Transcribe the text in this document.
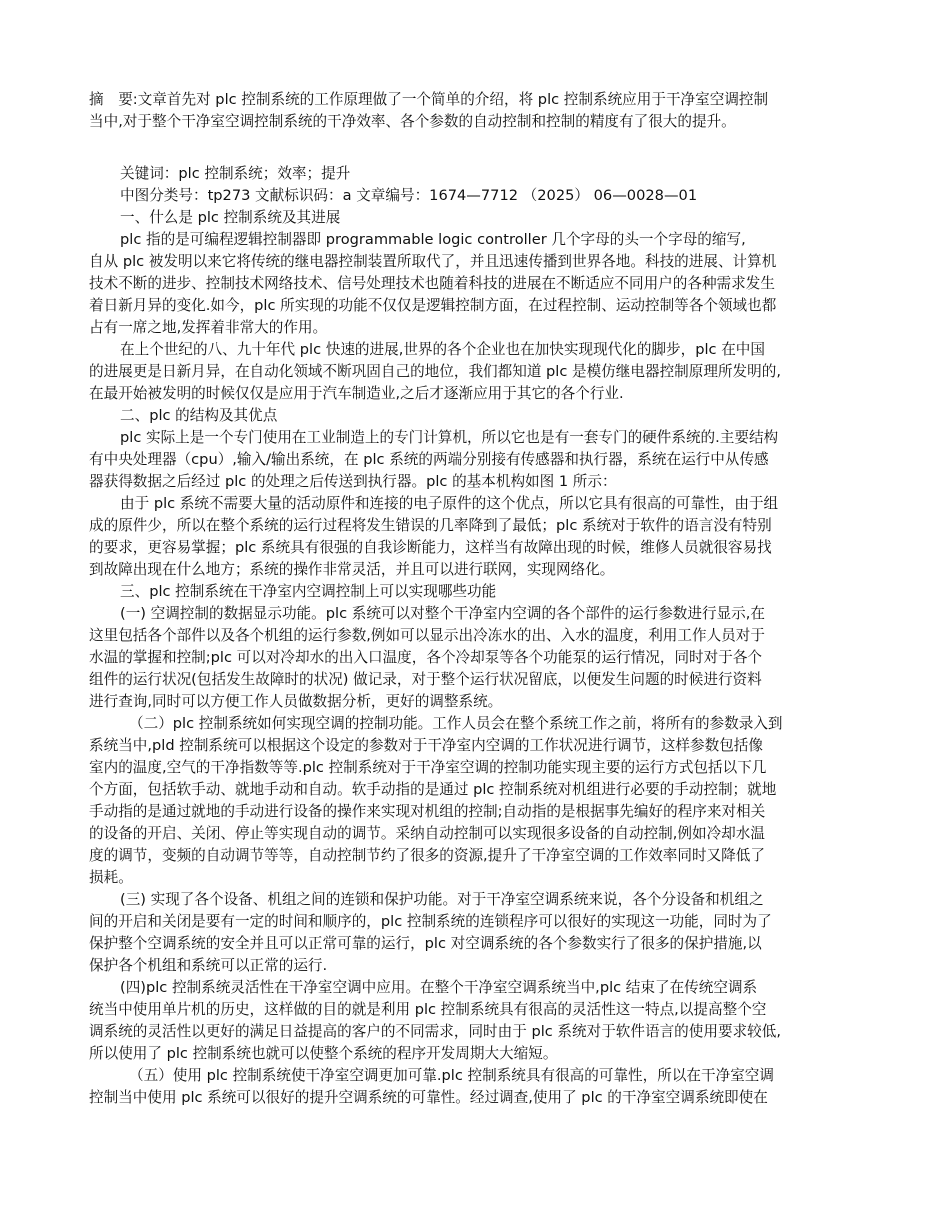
摘　要:文章首先对 plc 控制系统的工作原理做了一个简单的介绍，将 plc 控制系统应用于干净室空调控制
当中,对于整个干净室空调控制系统的干净效率、各个参数的自动控制和控制的精度有了很大的提升。
关键词：plc 控制系统；效率；提升
中图分类号：tp273 文献标识码：a 文章编号：1674—7712 （2025） 06—0028—01
一、什么是 plc 控制系统及其进展
plc 指的是可编程逻辑控制器即 programmable logic controller 几个字母的头一个字母的缩写,
自从 plc 被发明以来它将传统的继电器控制装置所取代了，并且迅速传播到世界各地。科技的进展、计算机
技术不断的进步、控制技术网络技术、信号处理技术也随着科技的进展在不断适应不同用户的各种需求发生
着日新月异的变化.如今，plc 所实现的功能不仅仅是逻辑控制方面，在过程控制、运动控制等各个领域也都
占有一席之地,发挥着非常大的作用。
在上个世纪的八、九十年代 plc 快速的进展,世界的各个企业也在加快实现现代化的脚步，plc 在中国
的进展更是日新月异，在自动化领域不断巩固自己的地位，我们都知道 plc 是模仿继电器控制原理所发明的,
在最开始被发明的时候仅仅是应用于汽车制造业,之后才逐渐应用于其它的各个行业.
二、plc 的结构及其优点
plc 实际上是一个专门使用在工业制造上的专门计算机，所以它也是有一套专门的硬件系统的.主要结构
有中央处理器（cpu）,输入/输出系统，在 plc 系统的两端分别接有传感器和执行器，系统在运行中从传感
器获得数据之后经过 plc 的处理之后传送到执行器。plc 的基本机构如图 1 所示：
由于 plc 系统不需要大量的活动原件和连接的电子原件的这个优点，所以它具有很高的可靠性，由于组
成的原件少，所以在整个系统的运行过程将发生错误的几率降到了最低；plc 系统对于软件的语言没有特别
的要求，更容易掌握；plc 系统具有很强的自我诊断能力，这样当有故障出现的时候，维修人员就很容易找
到故障出现在什么地方；系统的操作非常灵活，并且可以进行联网，实现网络化。
三、plc 控制系统在干净室内空调控制上可以实现哪些功能
(一) 空调控制的数据显示功能。plc 系统可以对整个干净室内空调的各个部件的运行参数进行显示,在
这里包括各个部件以及各个机组的运行参数,例如可以显示出冷冻水的出、入水的温度，利用工作人员对于
水温的掌握和控制;plc 可以对冷却水的出入口温度，各个冷却泵等各个功能泵的运行情况，同时对于各个
组件的运行状况(包括发生故障时的状况) 做记录，对于整个运行状况留底，以便发生问题的时候进行资料
进行查询,同时可以方便工作人员做数据分析，更好的调整系统。
（二）plc 控制系统如何实现空调的控制功能。工作人员会在整个系统工作之前，将所有的参数录入到
系统当中,pld 控制系统可以根据这个设定的参数对于干净室内空调的工作状况进行调节，这样参数包括像
室内的温度,空气的干净指数等等.plc 控制系统对于干净室空调的控制功能实现主要的运行方式包括以下几
个方面，包括软手动、就地手动和自动。软手动指的是通过 plc 控制系统对机组进行必要的手动控制；就地
手动指的是通过就地的手动进行设备的操作来实现对机组的控制;自动指的是根据事先编好的程序来对相关
的设备的开启、关闭、停止等实现自动的调节。采纳自动控制可以实现很多设备的自动控制,例如冷却水温
度的调节，变频的自动调节等等，自动控制节约了很多的资源,提升了干净室空调的工作效率同时又降低了
损耗。
(三) 实现了各个设备、机组之间的连锁和保护功能。对于干净室空调系统来说，各个分设备和机组之
间的开启和关闭是要有一定的时间和顺序的，plc 控制系统的连锁程序可以很好的实现这一功能，同时为了
保护整个空调系统的安全并且可以正常可靠的运行，plc 对空调系统的各个参数实行了很多的保护措施,以
保护各个机组和系统可以正常的运行.
(四)plc 控制系统灵活性在干净室空调中应用。在整个干净室空调系统当中,plc 结束了在传统空调系
统当中使用单片机的历史，这样做的目的就是利用 plc 控制系统具有很高的灵活性这一特点,以提高整个空
调系统的灵活性以更好的满足日益提高的客户的不同需求，同时由于 plc 系统对于软件语言的使用要求较低,
所以使用了 plc 控制系统也就可以使整个系统的程序开发周期大大缩短。
（五）使用 plc 控制系统使干净室空调更加可靠.plc 控制系统具有很高的可靠性，所以在干净室空调
控制当中使用 plc 系统可以很好的提升空调系统的可靠性。经过调查,使用了 plc 的干净室空调系统即使在
